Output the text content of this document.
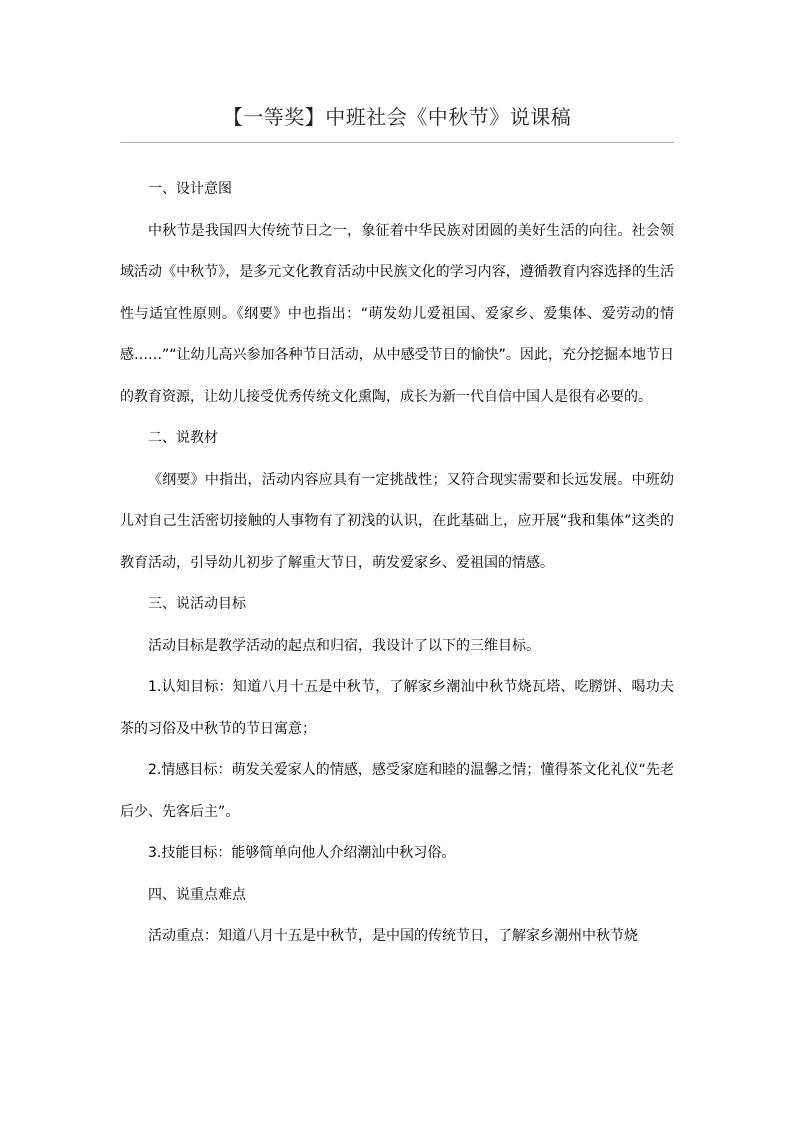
【一等奖】中班社会《中秋节》说课稿

一、设计意图

中秋节是我国四大传统节日之一，象征着中华民族对团圆的美好生活的向往。社会领域活动《中秋节》，是多元文化教育活动中民族文化的学习内容，遵循教育内容选择的生活性与适宜性原则。《纲要》中也指出：“萌发幼儿爱祖国、爱家乡、爱集体、爱劳动的情感……”“让幼儿高兴参加各种节日活动，从中感受节日的愉快”。因此，充分挖掘本地节日的教育资源，让幼儿接受优秀传统文化熏陶，成长为新一代自信中国人是很有必要的。

二、说教材

《纲要》中指出，活动内容应具有一定挑战性；又符合现实需要和长远发展。中班幼儿对自己生活密切接触的人事物有了初浅的认识，在此基础上，应开展“我和集体”这类的教育活动，引导幼儿初步了解重大节日，萌发爱家乡、爱祖国的情感。

三、说活动目标

活动目标是教学活动的起点和归宿，我设计了以下的三维目标。

1.认知目标：知道八月十五是中秋节，了解家乡潮汕中秋节烧瓦塔、吃朥饼、喝功夫茶的习俗及中秋节的节日寓意；

2.情感目标：萌发关爱家人的情感，感受家庭和睦的温馨之情；懂得茶文化礼仪“先老后少、先客后主”。

3.技能目标：能够简单向他人介绍潮汕中秋习俗。

四、说重点难点

活动重点：知道八月十五是中秋节，是中国的传统节日，了解家乡潮州中秋节烧
